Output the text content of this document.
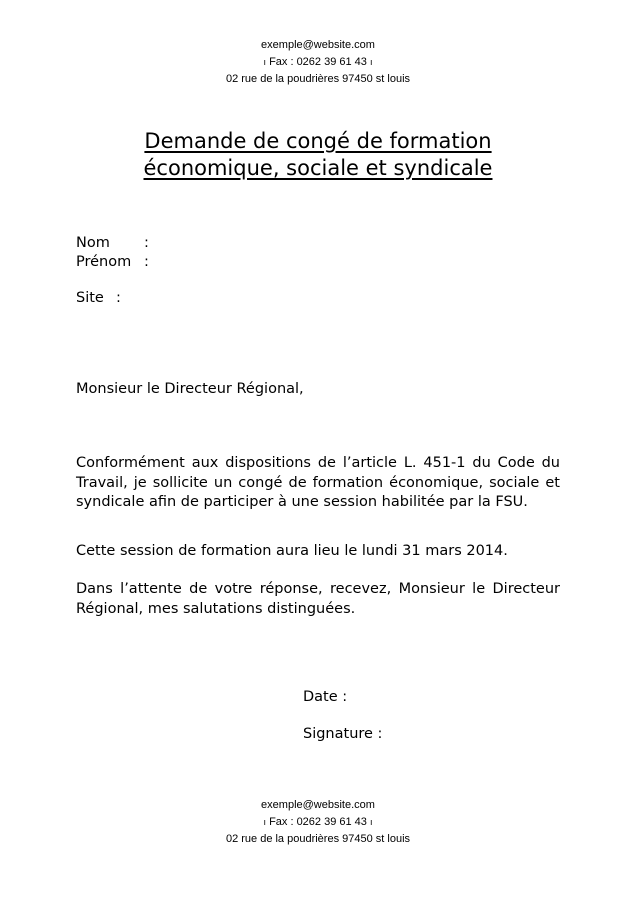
exemple@website.com
ı Fax : 0262 39 61 43 ı
02 rue de la poudrières 97450 st louis
Demande de congé de formation
économique, sociale et syndicale
Nom :
Prénom :
Site :
Monsieur le Directeur Régional,
Conformément aux dispositions de l’article L. 451-1 du Code du Travail, je sollicite un congé de formation économique, sociale et syndicale afin de participer à une session habilitée par la FSU.
Cette session de formation aura lieu le lundi 31 mars 2014.
Dans l’attente de votre réponse, recevez, Monsieur le Directeur Régional, mes salutations distinguées.
Date :
Signature :
exemple@website.com
ı Fax : 0262 39 61 43 ı
02 rue de la poudrières 97450 st louis
